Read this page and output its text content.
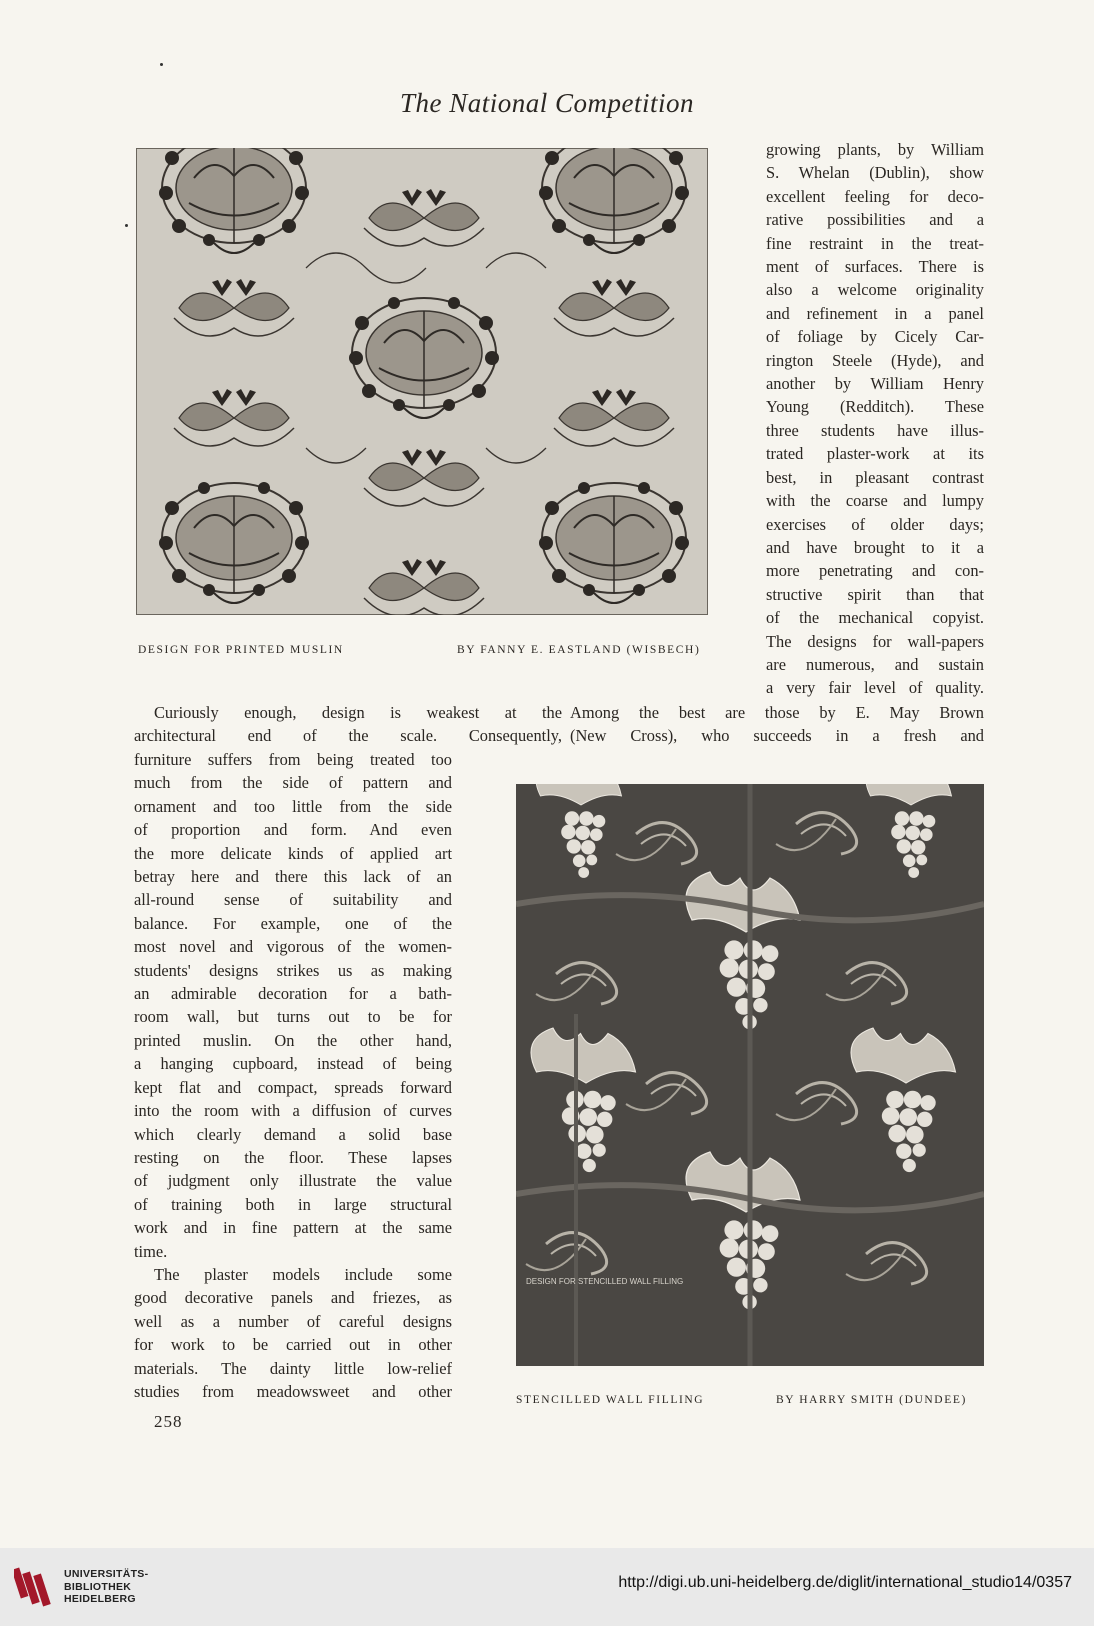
The National Competition
DESIGN FOR PRINTED MUSLIN	BY FANNY E. EASTLAND (WISBECH)

growing plants, by William

S. Whelan (Dublin), show

excellent feeling for deco-

rative possibilities and a

fine restraint in the treat-

ment of surfaces. There is

also a welcome originality

and refinement in a panel

of foliage by Cicely Car-

rington Steele (Hyde), and

another by William Henry

Young (Redditch). These

three students have illus-

trated plaster-work at its

best, in pleasant contrast

with the coarse and lumpy

exercises of older days;

and have brought to it a

more penetrating and con-

structive spirit than that

of the mechanical copyist.

The designs for wall-papers

are numerous, and sustain

a very fair level of quality.

Curiously enough, design is weakest at the

architectural end of the scale. Consequently,

Among the best are those by E. May Brown

(New Cross), who succeeds in a fresh and

furniture suffers from being treated too

much from the side of pattern and

ornament and too little from the side

of proportion and form. And even

the more delicate kinds of applied art

betray here and there this lack of an

all-round sense of suitability and

balance. For example, one of the

most novel and vigorous of the women-

students' designs strikes us as making

an admirable decoration for a bath-

room wall, but turns out to be for

printed muslin. On the other hand,

a hanging cupboard, instead of being

kept flat and compact, spreads forward

into the room with a diffusion of curves

which clearly demand a solid base

resting on the floor. These lapses

of judgment only illustrate the value

of training both in large structural

work and in fine pattern at the same

time.

The plaster models include some

good decorative panels and friezes, as

well as a number of careful designs

for work to be carried out in other

materials. The dainty little low-relief

studies from meadowsweet and other

DESIGN FOR STENCILLED WALL FILLING
STENCILLED WALL FILLING	BY HARRY SMITH (DUNDEE)
258
UNIVERSITÄTS-
BIBLIOTHEK
HEIDELBERG
http://digi.ub.uni-heidelberg.de/diglit/international_studio14/0357
